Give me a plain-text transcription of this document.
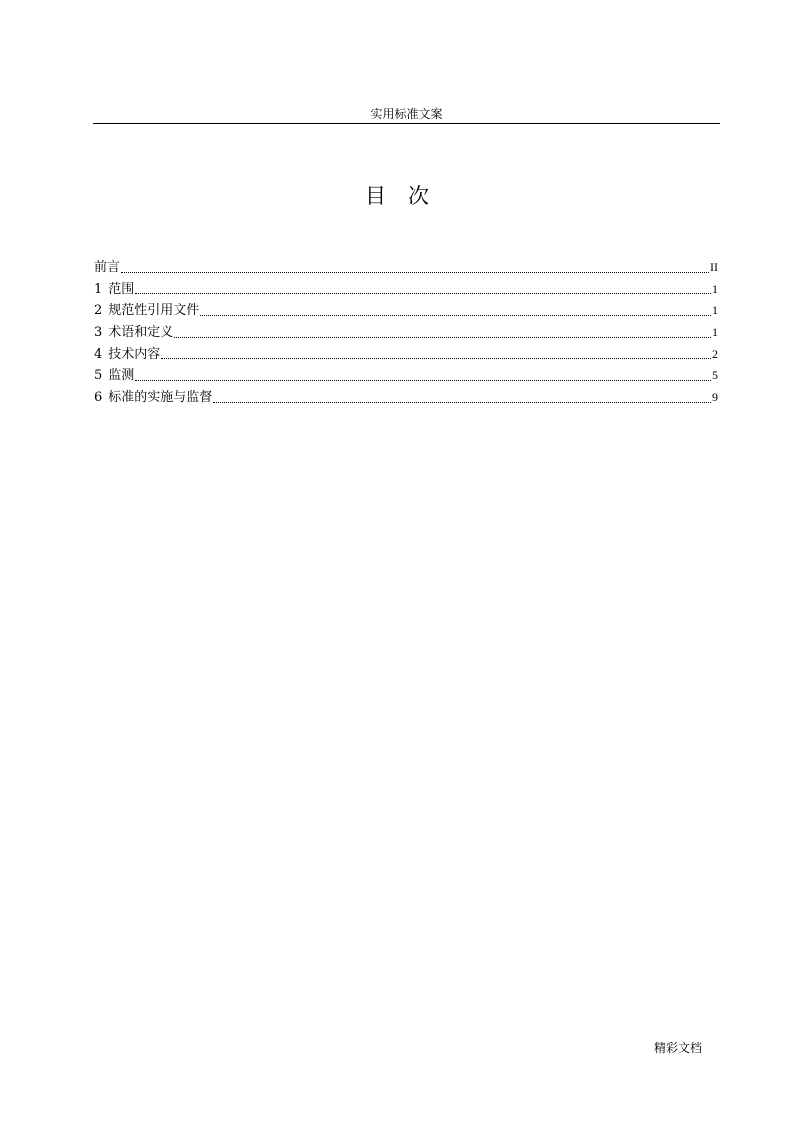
实用标准文案
目次
前言	II
1 范围	1
2 规范性引用文件	1
3 术语和定义	1
4 技术内容	2
5 监测	5
6 标准的实施与监督	9
精彩文档
